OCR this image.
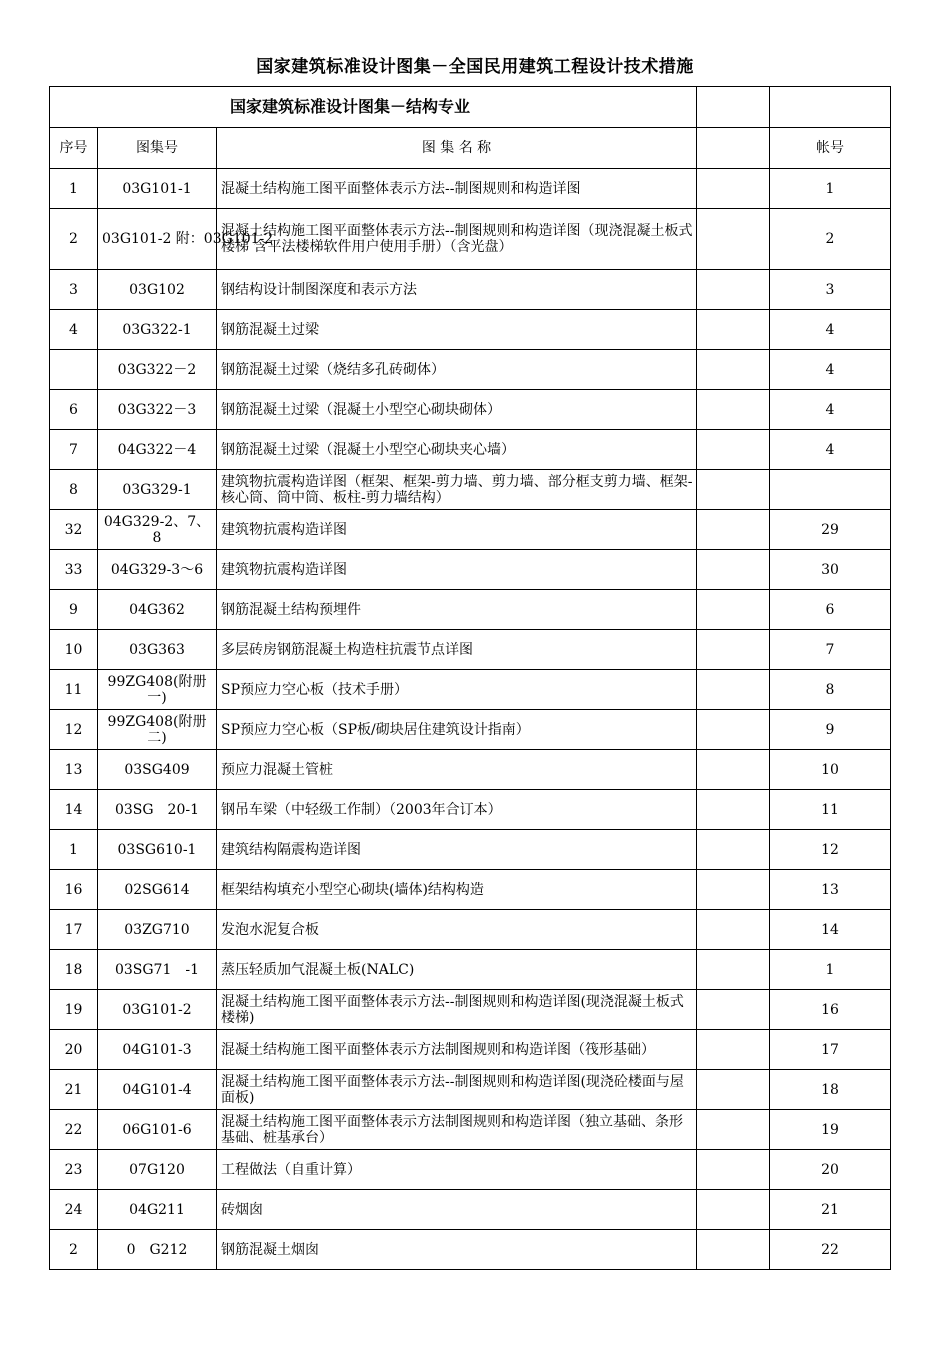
国家建筑标准设计图集－全国民用建筑工程设计技术措施
国家建筑标准设计图集－结构专业				
序号	图集号	图 集 名 称		帐号
1	03G101-1	混凝土结构施工图平面整体表示方法--制图规则和构造详图		1
2	03G101-2 附：03G101-2	混凝土结构施工图平面整体表示方法--制图规则和构造详图（现浇混凝土板式楼梯 含平法楼梯软件用户使用手册）（含光盘）		2
3	03G102	钢结构设计制图深度和表示方法		3
4	03G322-1	钢筋混凝土过梁		4
	03G322－2	钢筋混凝土过梁（烧结多孔砖砌体）		4
6	03G322－3	钢筋混凝土过梁（混凝土小型空心砌块砌体）		4
7	04G322－4	钢筋混凝土过梁（混凝土小型空心砌块夹心墙）		4
8	03G329-1	建筑物抗震构造详图（框架、框架-剪力墙、剪力墙、部分框支剪力墙、框架-核心筒、筒中筒、板柱-剪力墙结构）		
32	04G329-2、7、8	建筑物抗震构造详图		29
33	04G329-3～6	建筑物抗震构造详图		30
9	04G362	钢筋混凝土结构预埋件		6
10	03G363	多层砖房钢筋混凝土构造柱抗震节点详图		7
11	99ZG408(附册一)	SP预应力空心板（技术手册）		8
12	99ZG408(附册二)	SP预应力空心板（SP板/砌块居住建筑设计指南）		9
13	03SG409	预应力混凝土管桩		10
14	03SG　20-1	钢吊车梁（中轻级工作制）（2003年合订本）		11
1	03SG610-1	建筑结构隔震构造详图		12
16	02SG614	框架结构填充小型空心砌块(墙体)结构构造		13
17	03ZG710	发泡水泥复合板		14
18	03SG71　-1	蒸压轻质加气混凝土板(NALC)		1
19	03G101-2	混凝土结构施工图平面整体表示方法--制图规则和构造详图(现浇混凝土板式楼梯)		16
20	04G101-3	混凝土结构施工图平面整体表示方法制图规则和构造详图（筏形基础）		17
21	04G101-4	混凝土结构施工图平面整体表示方法--制图规则和构造详图(现浇砼楼面与屋面板)		18
22	06G101-6	混凝土结构施工图平面整体表示方法制图规则和构造详图（独立基础、条形基础、桩基承台）		19
23	07G120	工程做法（自重计算）		20
24	04G211	砖烟囱		21
2	0　G212	钢筋混凝土烟囱		22
